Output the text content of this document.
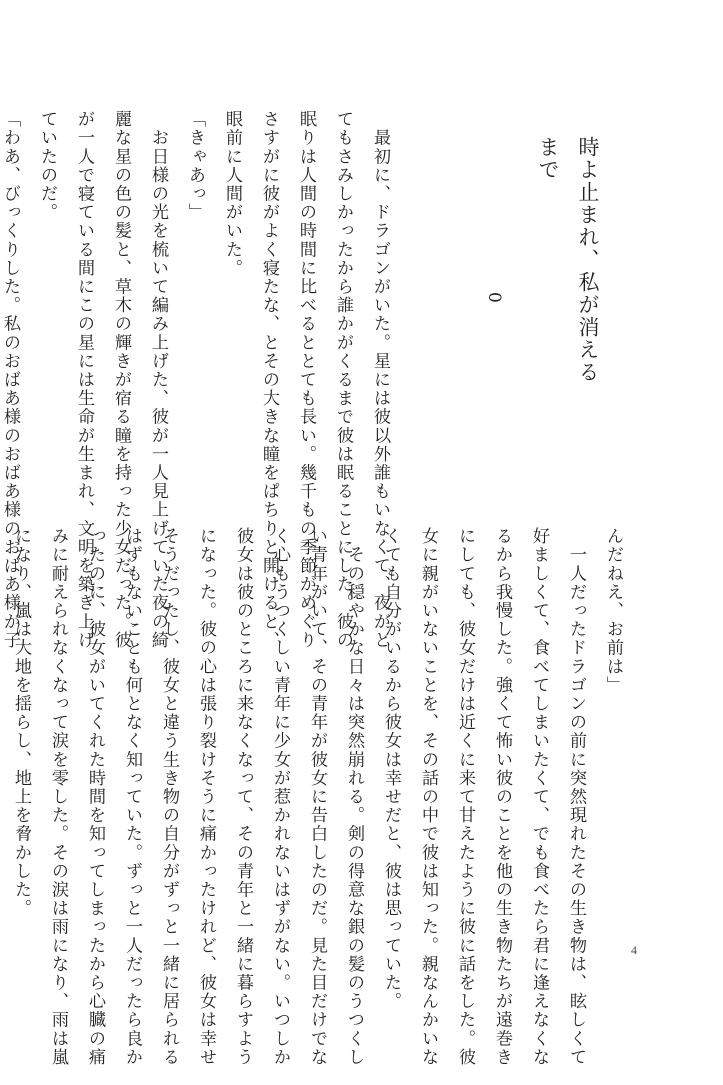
時よ止まれ、私が消えるまで
0
　最初に、ドラゴンがいた。星には彼以外誰もいなくて、夜がと
てもさみしかったから誰かがくるまで彼は眠ることにした。彼の
眠りは人間の時間に比べるととても長い。幾千もの季節がめぐり
さすがに彼がよく寝たな、とその大きな瞳をぱちりと開けると、
眼前に人間がいた。
「きゃあっ」
　お日様の光を梳いて編み上げた、彼が一人見上げていた夜の綺
麗な星の色の髪と、草木の輝きが宿る瞳を持った少女だった。彼
が一人で寝ている間にこの星には生命が生まれ、文明を築き上げ
ていたのだ。
「わあ、びっくりした。私のおばあ様のおばあ様のおばあ様が子	んだねえ、お前は」
　一人だったドラゴンの前に突然現れたその生き物は、眩しくて
好ましくて、食べてしまいたくて、でも食べたら君に逢えなくな
るから我慢した。強くて怖い彼のことを他の生き物たちが遠巻き
にしても、彼女だけは近くに来て甘えたように彼に話をした。彼
女に親がいないことを、その話の中で彼は知った。親なんかいな
くても自分がいるから彼女は幸せだと、彼は思っていた。
　その穏やかな日々は突然崩れる。剣の得意な銀の髪のうつくし
い青年がいて、その青年が彼女に告白したのだ。見た目だけでな
く心もうつくしい青年に少女が惹かれないはずがない。いつしか
彼女は彼のところに来なくなって、その青年と一緒に暮らすよう
になった。彼の心は張り裂けそうに痛かったけれど、彼女は幸せ
そうだったし、彼女と違う生き物の自分がずっと一緒に居られる
はずもないことも何となく知っていた。ずっと一人だったら良か
ったのに、彼女がいてくれた時間を知ってしまったから心臓の痛
みに耐えられなくなって涙を零した。その涙は雨になり、雨は嵐
になり、嵐は大地を揺らし、地上を脅かした。
4
